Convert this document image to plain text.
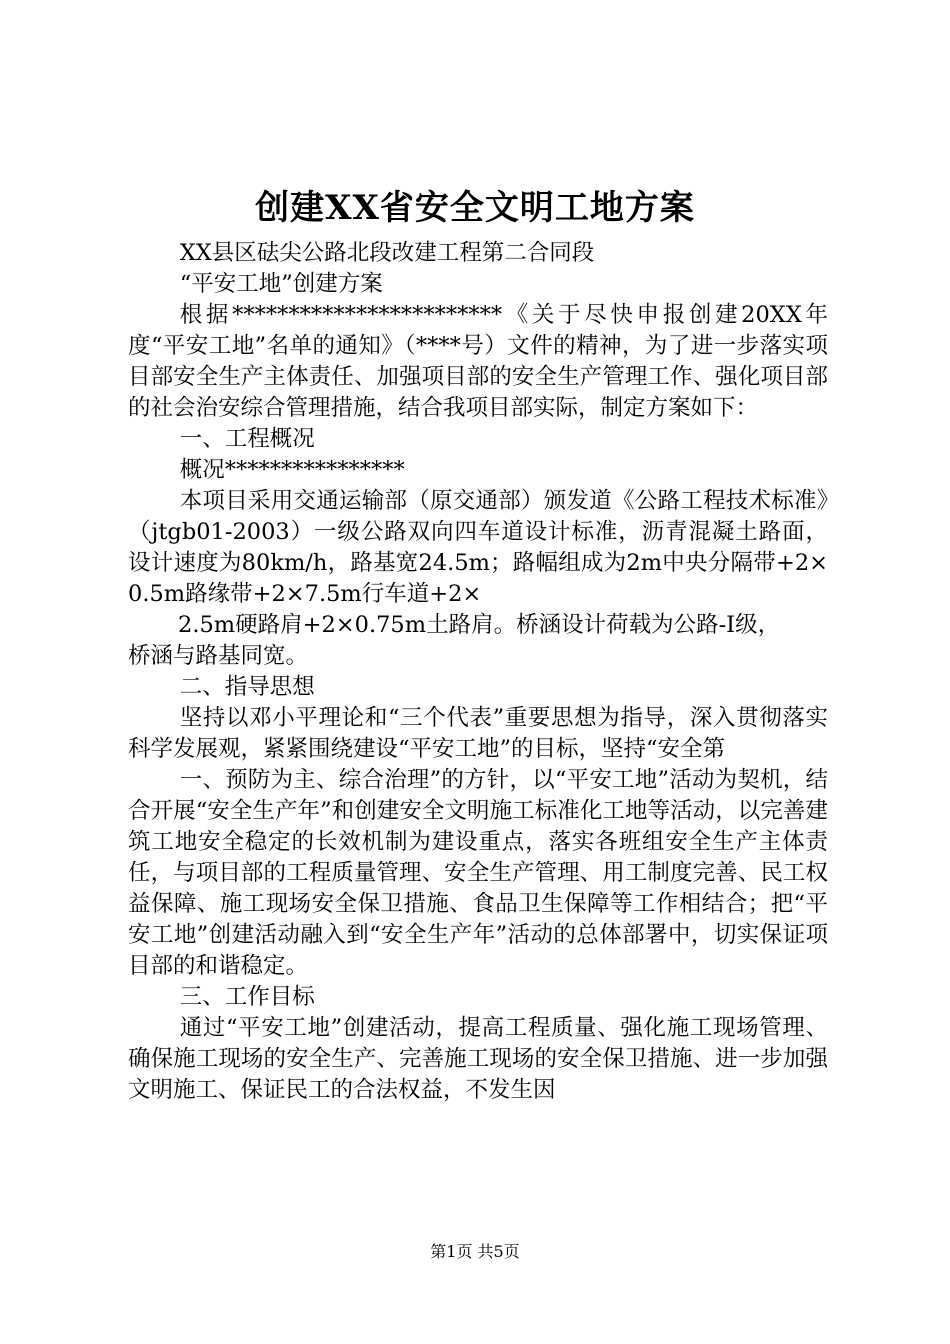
创建XX省安全文明工地方案

XX县区砝尖公路北段改建工程第二合同段

“平安工地”创建方案

根据************************《关于尽快申报创建20XX年度“平安工地”名单的通知》（****号）文件的精神，为了进一步落实项目部安全生产主体责任、加强项目部的安全生产管理工作、强化项目部的社会治安综合管理措施，结合我项目部实际，制定方案如下：

一、工程概况

概况****************

本项目采用交通运输部（原交通部）颁发道《公路工程技术标准》（jtgb01-2003）一级公路双向四车道设计标准，沥青混凝土路面，设计速度为80km/h，路基宽24.5m；路幅组成为2m中央分隔带+2×0.5m路缘带+2×7.5m行车道+2×

2.5m硬路肩+2×0.75m土路肩。桥涵设计荷载为公路-Ⅰ级，

桥涵与路基同宽。

二、指导思想

坚持以邓小平理论和“三个代表”重要思想为指导，深入贯彻落实科学发展观，紧紧围绕建设“平安工地”的目标，坚持“安全第

一、预防为主、综合治理”的方针，以“平安工地”活动为契机，结合开展“安全生产年”和创建安全文明施工标准化工地等活动，以完善建筑工地安全稳定的长效机制为建设重点，落实各班组安全生产主体责任，与项目部的工程质量管理、安全生产管理、用工制度完善、民工权益保障、施工现场安全保卫措施、食品卫生保障等工作相结合；把“平安工地”创建活动融入到“安全生产年”活动的总体部署中，切实保证项目部的和谐稳定。

三、工作目标

通过“平安工地”创建活动，提高工程质量、强化施工现场管理、确保施工现场的安全生产、完善施工现场的安全保卫措施、进一步加强文明施工、保证民工的合法权益，不发生因

第1页 共5页
